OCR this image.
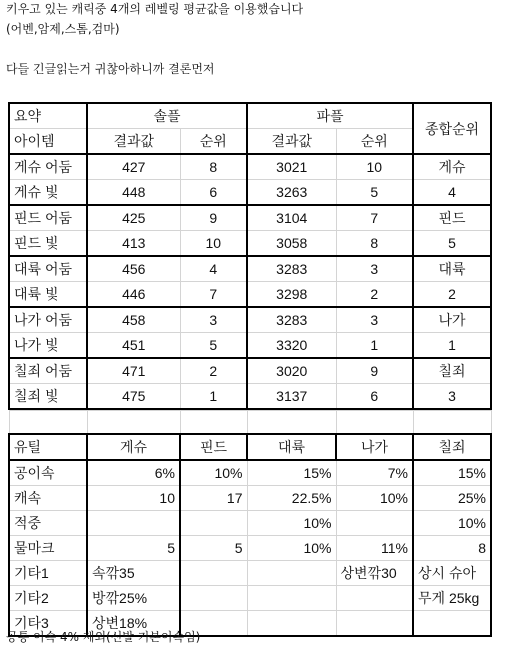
키우고 있는 캐릭중 4개의 레벨링 평균값을 이용했습니다
(어벤,암제,스톰,검마)
다들 긴글읽는거 귀찮아하니까 결론먼저
요약	솔플		파플		종합순위
아이템	결과값	순위	결과값	순위	
게슈 어둠	427	8	3021	10	게슈
게슈 빛	448	6	3263	5	4
핀드 어둠	425	9	3104	7	핀드
핀드 빛	413	10	3058	8	5
대륙 어둠	456	4	3283	3	대륙
대륙 빛	446	7	3298	2	2
나가 어둠	458	3	3283	3	나가
나가 빛	451	5	3320	1	1
칠죄 어둠	471	2	3020	9	칠죄
칠죄 빛	475	1	3137	6	3

유틸	게슈	핀드	대륙	나가	칠죄
공이속	6%	10%	15%	7%	15%
캐속	10	17	22.5%	10%	25%
적중			10%		10%
물마크	5	5	10%	11%	8
기타1	속깎35			상변깎30	상시 슈아
기타2	방깎25%				무게 25kg
기타3	상변18%				
공통 이속 4% 제외(신발 기본이속임)
